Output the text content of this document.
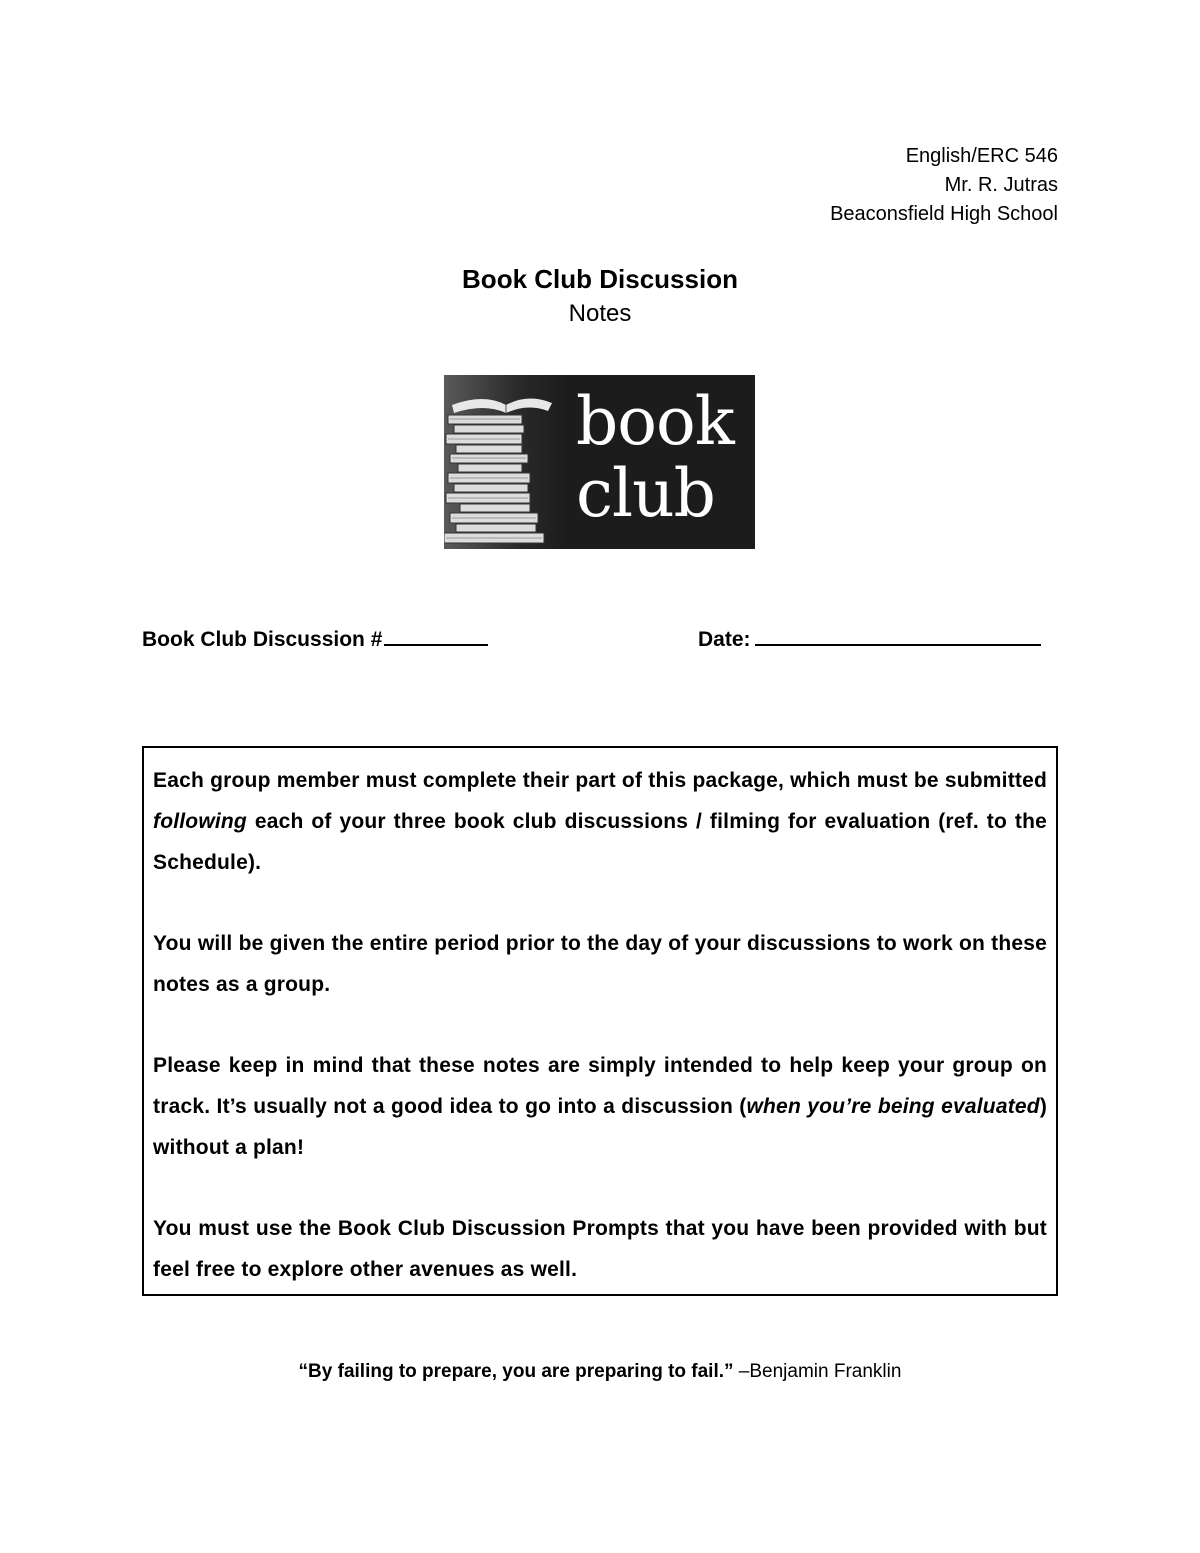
English/ERC 546
Mr. R. Jutras
Beaconsfield High School
Book Club Discussion
Notes
book
club
Book Club Discussion #	Date:

Each group member must complete their part of this package, which must be submitted following each of your three book club discussions / filming for evaluation (ref. to the Schedule).

You will be given the entire period prior to the day of your discussions to work on these notes as a group.

Please keep in mind that these notes are simply intended to help keep your group on track. It’s usually not a good idea to go into a discussion (when you’re being evaluated) without a plan!

You must use the Book Club Discussion Prompts that you have been provided with but feel free to explore other avenues as well.

“By failing to prepare, you are preparing to fail.” –Benjamin Franklin
